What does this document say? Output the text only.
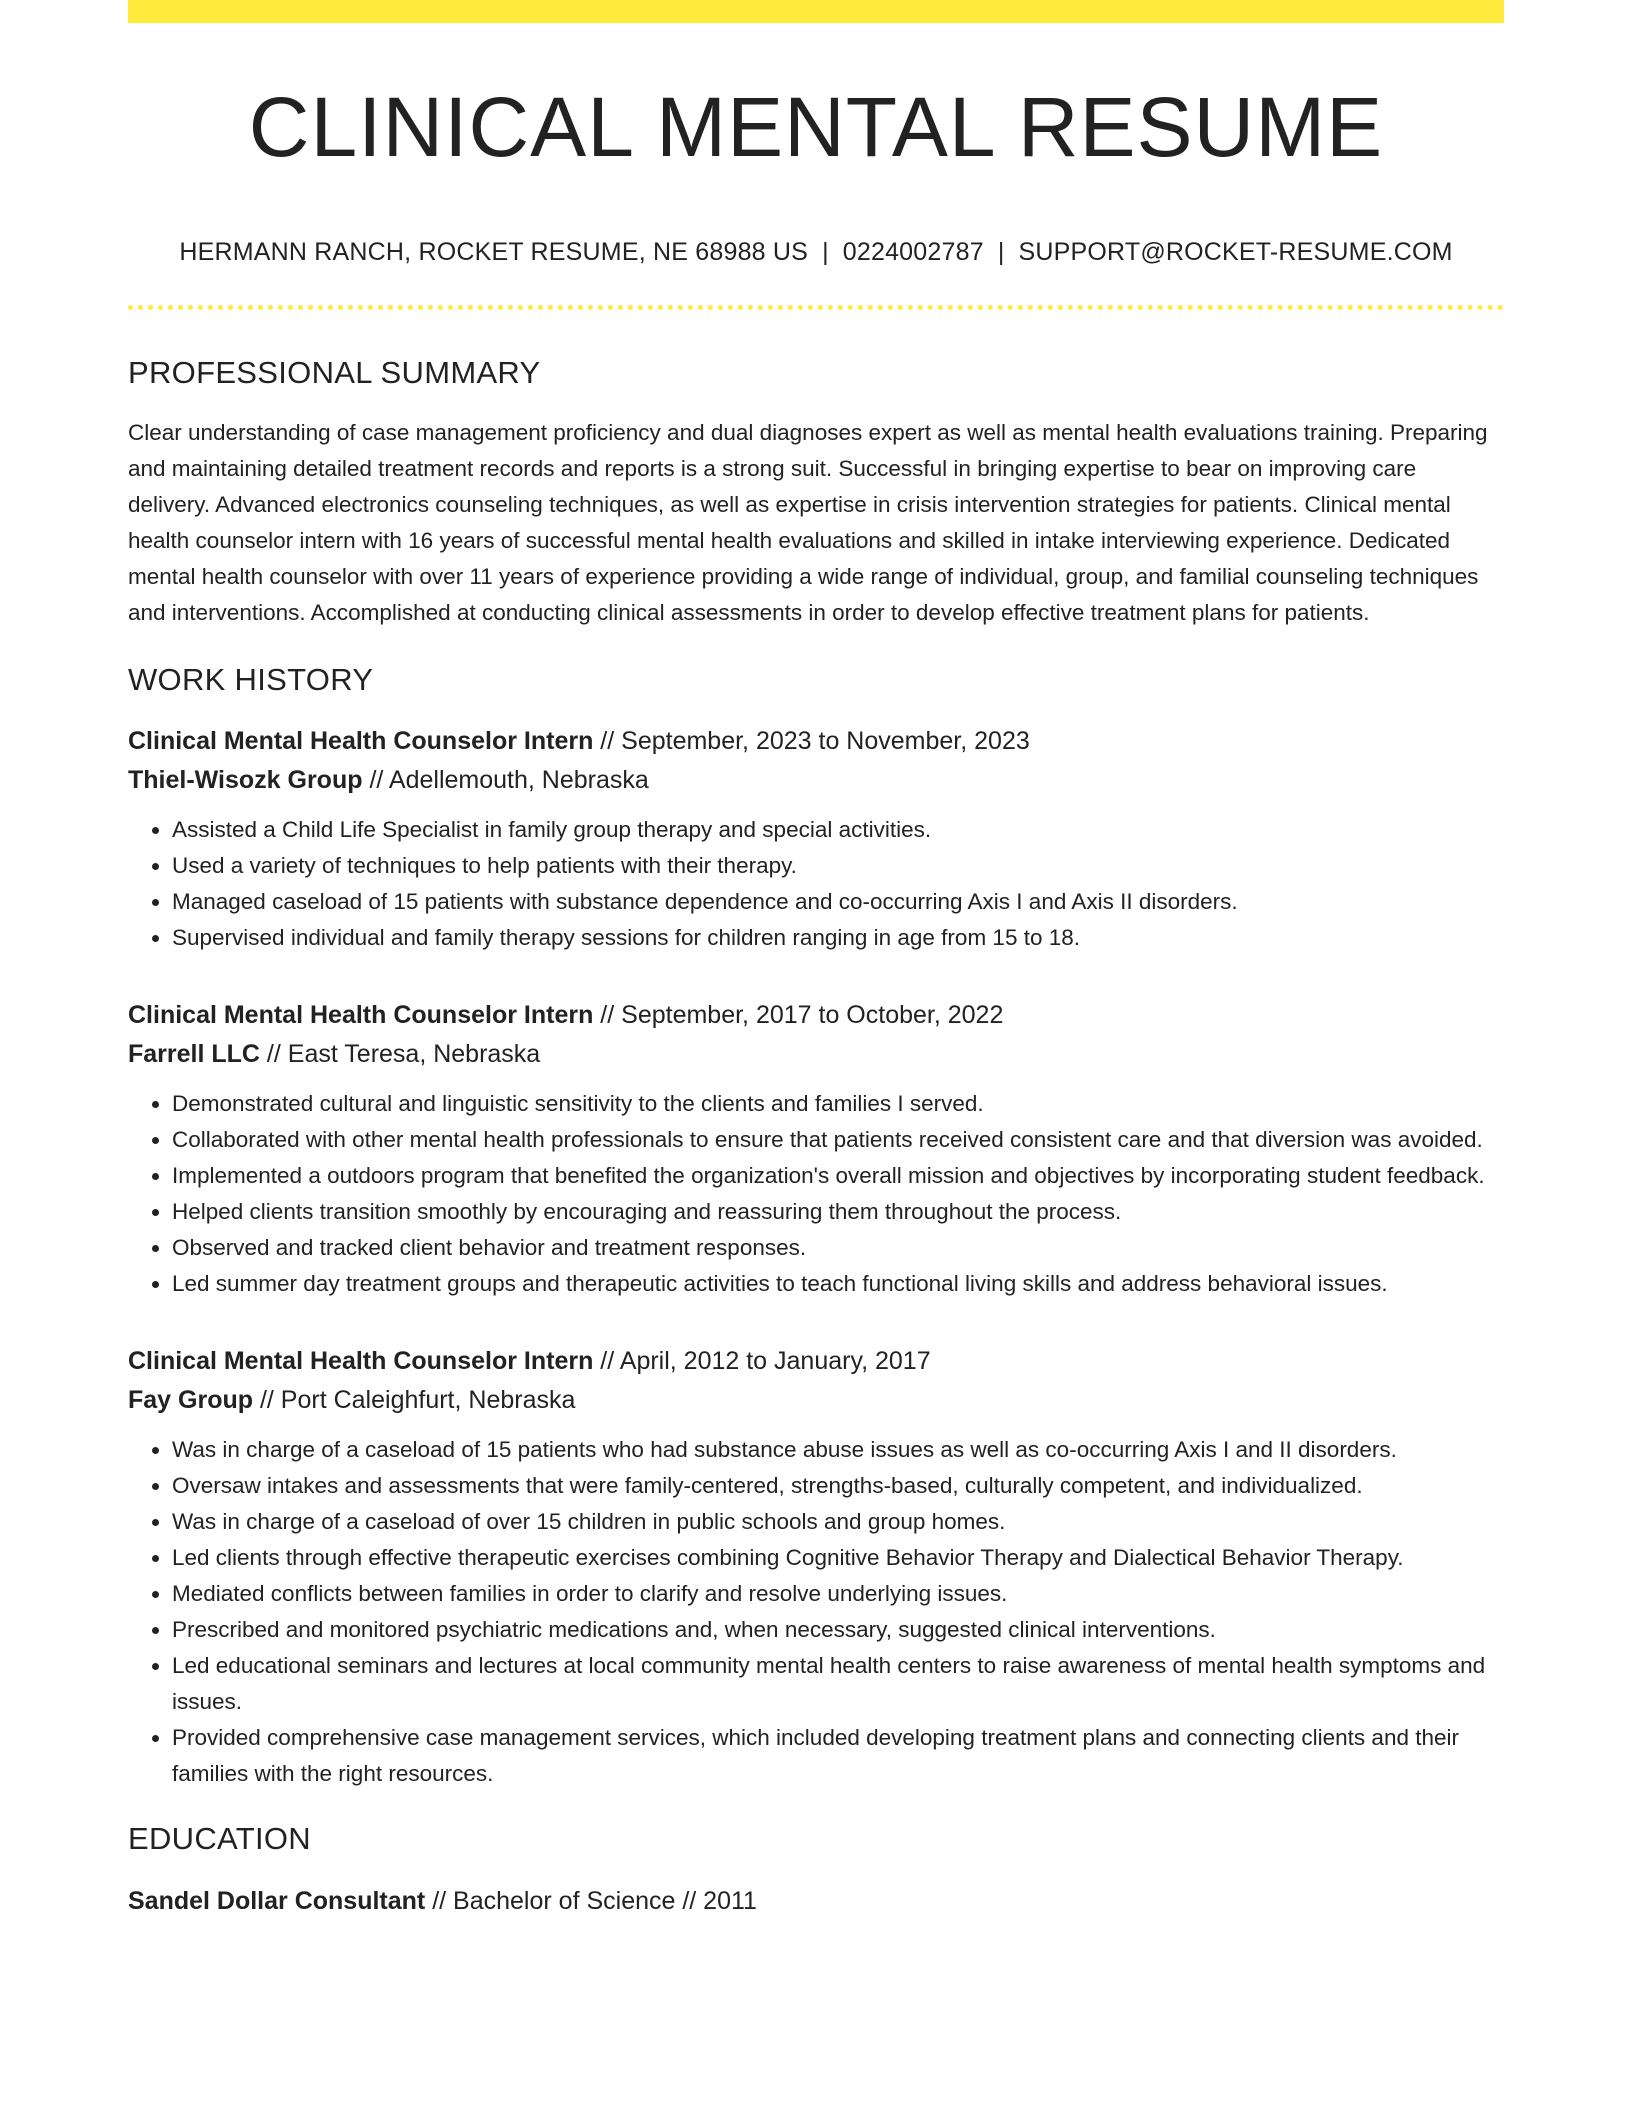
CLINICAL MENTAL RESUME
HERMANN RANCH, ROCKET RESUME, NE 68988 US | 0224002787 | SUPPORT@ROCKET-RESUME.COM
PROFESSIONAL SUMMARY

Clear understanding of case management proficiency and dual diagnoses expert as well as mental health evaluations training. Preparing and maintaining detailed treatment records and reports is a strong suit. Successful in bringing expertise to bear on improving care delivery. Advanced electronics counseling techniques, as well as expertise in crisis intervention strategies for patients. Clinical mental health counselor intern with 16 years of successful mental health evaluations and skilled in intake interviewing experience. Dedicated mental health counselor with over 11 years of experience providing a wide range of individual, group, and familial counseling techniques and interventions. Accomplished at conducting clinical assessments in order to develop effective treatment plans for patients.

WORK HISTORY
Clinical Mental Health Counselor Intern // September, 2023 to November, 2023
Thiel-Wisozk Group // Adellemouth, Nebraska
• Assisted a Child Life Specialist in family group therapy and special activities.
• Used a variety of techniques to help patients with their therapy.
• Managed caseload of 15 patients with substance dependence and co-occurring Axis I and Axis II disorders.
• Supervised individual and family therapy sessions for children ranging in age from 15 to 18.
Clinical Mental Health Counselor Intern // September, 2017 to October, 2022
Farrell LLC // East Teresa, Nebraska
• Demonstrated cultural and linguistic sensitivity to the clients and families I served.
• Collaborated with other mental health professionals to ensure that patients received consistent care and that diversion was avoided.
• Implemented a outdoors program that benefited the organization's overall mission and objectives by incorporating student feedback.
• Helped clients transition smoothly by encouraging and reassuring them throughout the process.
• Observed and tracked client behavior and treatment responses.
• Led summer day treatment groups and therapeutic activities to teach functional living skills and address behavioral issues.
Clinical Mental Health Counselor Intern // April, 2012 to January, 2017
Fay Group // Port Caleighfurt, Nebraska
• Was in charge of a caseload of 15 patients who had substance abuse issues as well as co-occurring Axis I and II disorders.
• Oversaw intakes and assessments that were family-centered, strengths-based, culturally competent, and individualized.
• Was in charge of a caseload of over 15 children in public schools and group homes.
• Led clients through effective therapeutic exercises combining Cognitive Behavior Therapy and Dialectical Behavior Therapy.
• Mediated conflicts between families in order to clarify and resolve underlying issues.
• Prescribed and monitored psychiatric medications and, when necessary, suggested clinical interventions.
• Led educational seminars and lectures at local community mental health centers to raise awareness of mental health symptoms and issues.
• Provided comprehensive case management services, which included developing treatment plans and connecting clients and their families with the right resources.
EDUCATION
Sandel Dollar Consultant // Bachelor of Science // 2011
